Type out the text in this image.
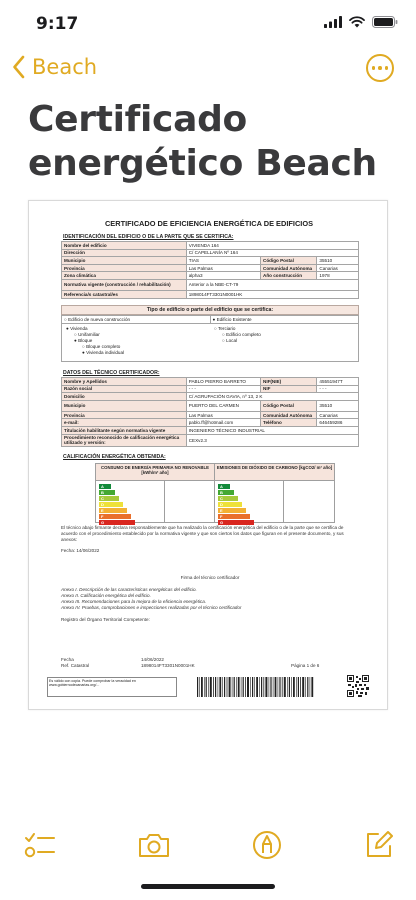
9:17
Beach
Certificado energético Beach
CERTIFICADO DE EFICIENCIA ENERGÉTICA DE EDIFICIOS
IDENTIFICACIÓN DEL EDIFICIO O DE LA PARTE QUE SE CERTIFICA:
Nombre del edificio	VIVIENDA 164		
Dirección	C/ CAPELLANÍA Nº 164		
Municipio	TIAS	Código Postal	35510
Provincia	Las Palmas	Comunidad Autónoma	Canarias
Zona climática	alpha3	Año construcción	1978
Normativa vigente (construcción / rehabilitación)	Anterior a la NBE-CT-79		
Referencia/s catastral/es	1898014FT3301N0001HK		
Tipo de edificio o parte del edificio que se certifica:
○ Edificio de nueva construcción	● Edificio Existente
● Vivienda
○ Unifamiliar
● Bloque
○ Bloque completo
● Vivienda individual
○ Terciario
○ Edificio completo
○ Local
DATOS DEL TÉCNICO CERTIFICADOR:
Nombre y Apellidos	PABLO PIERRO BARRETO	NIF(NIE)	45551947T
Razón social	- - -	NIF	- - -
Domicilio	C/ AGRUPACIÓN GAVIA, nº 13, 2 K		
Municipio	PUERTO DEL CARMEN	Código Postal	35510
Provincia	Las Palmas	Comunidad Autónoma	Canarias
e-mail:	pablo.ff@hotmail.com	Teléfono	646459286
Titulación habilitante según normativa vigente	INGENIERO TÉCNICO INDUSTRIAL		
Procedimiento reconocido de calificación energética utilizado y versión:	CEXv2.3		
CALIFICACIÓN ENERGÉTICA OBTENIDA:
CONSUMO DE ENERGÍA PRIMARIA NO RENOVABLE [kWh/m² año]
A
B
C
D
E
F
G
EMISIONES DE DIÓXIDO DE CARBONO [kgCO2/ m² año]
A
B
C
D
E
F
G
El técnico abajo firmante declara responsablemente que ha realizado la certificación energética del edificio o de la parte que se certifica de acuerdo con el procedimiento establecido por la normativa vigente y que son ciertos los datos que figuran en el presente documento, y sus anexos:
Fecha: 14/06/2022
Firma del técnico certificador
Anexo I. Descripción de las características energéticas del edificio.
Anexo II. Calificación energética del edificio.
Anexo III. Recomendaciones para la mejora de la eficiencia energética.
Anexo IV. Pruebas, comprobaciones e inspecciones realizadas por el técnico certificador
Registro del Órgano Territorial Competente:
Fecha	14/06/2022
Ref. Catastral	1898014FT3301N0001HK	Página 1 de 6
Es válido con copia. Puede comprobar la veracidad en www.gobiernodecanarias.org/...
